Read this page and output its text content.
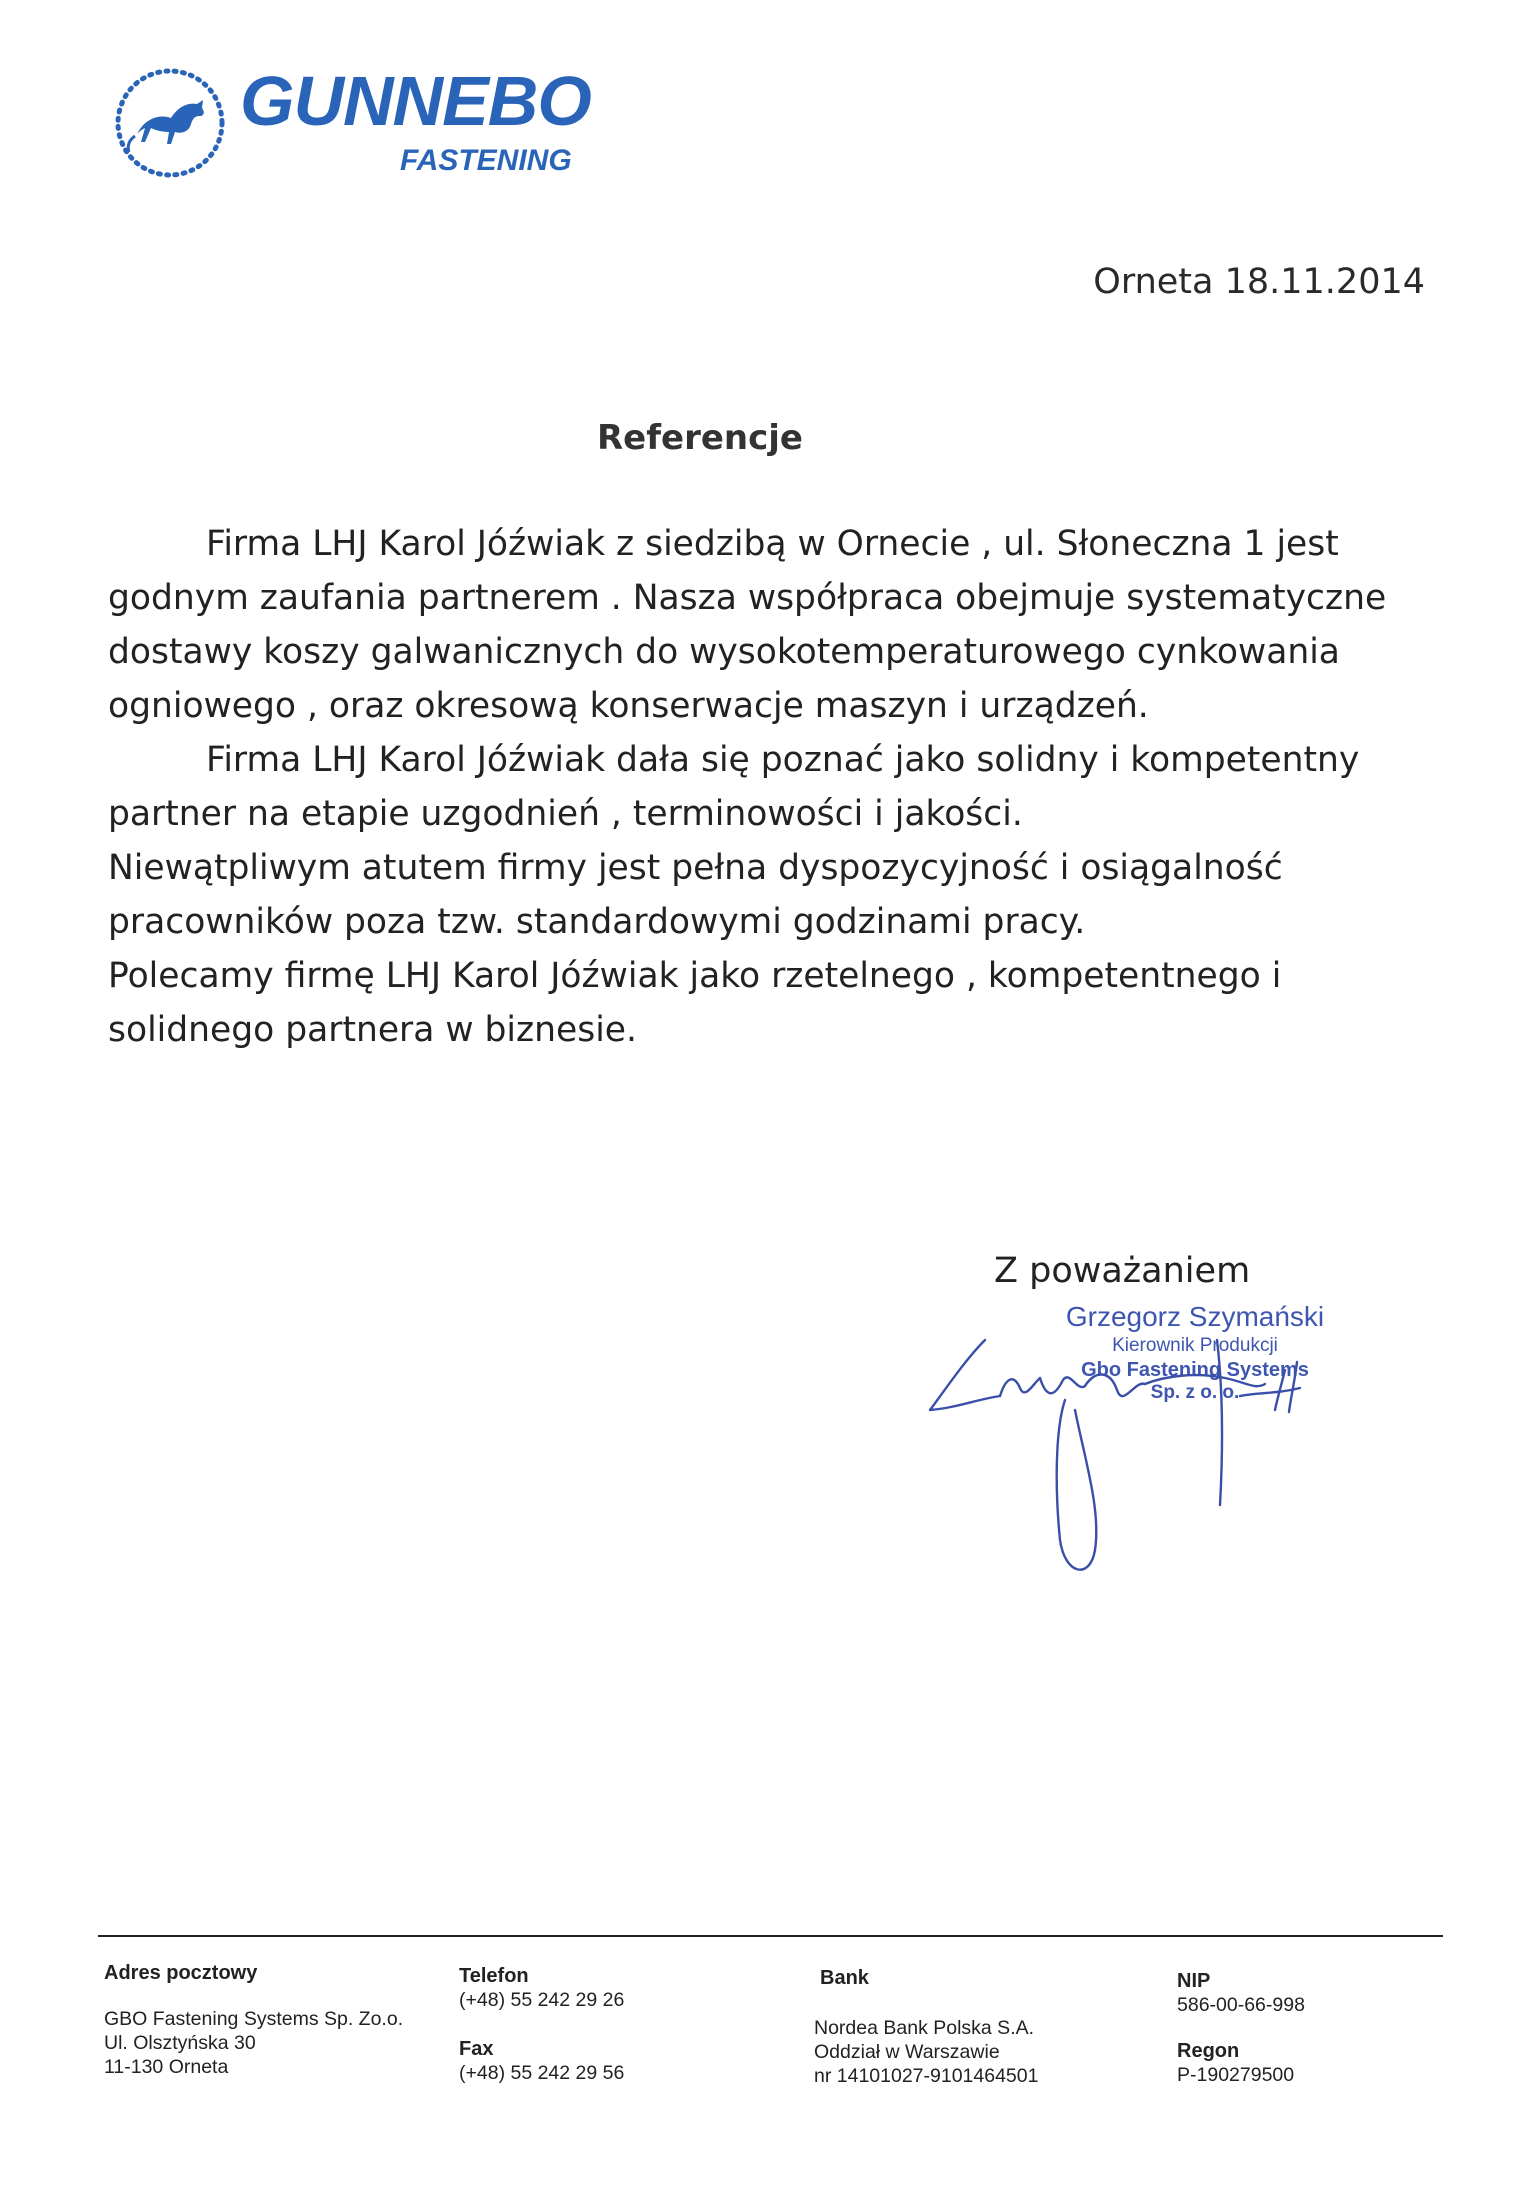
GUNNEBO
FASTENING
Orneta 18.11.2014
Referencje

Firma LHJ Karol Jóźwiak z siedzibą w Ornecie , ul. Słoneczna 1 jest godnym zaufania partnerem . Nasza współpraca obejmuje systematyczne dostawy koszy galwanicznych do wysokotemperaturowego cynkowania ogniowego , oraz okresową konserwacje maszyn i urządzeń.

Firma LHJ Karol Jóźwiak dała się poznać jako solidny i kompetentny partner na etapie uzgodnień , terminowości i jakości.

Niewątpliwym atutem firmy jest pełna dyspozycyjność i osiągalność pracowników poza tzw. standardowymi godzinami pracy.

Polecamy firmę LHJ Karol Jóźwiak jako rzetelnego , kompetentnego i solidnego partnera w biznesie.

Z poważaniem
Grzegorz Szymański
Kierownik Produkcji
Gbo Fastening Systems
Sp. z o. o.
Adres pocztowy
GBO Fastening Systems Sp. Zo.o.
Ul. Olsztyńska 30
11-130 Orneta
Telefon
(+48) 55 242 29 26
Fax
(+48) 55 242 29 56
Bank
Nordea Bank Polska S.A.
Oddział w Warszawie
nr 14101027-9101464501
NIP
586-00-66-998
Regon
P-190279500
